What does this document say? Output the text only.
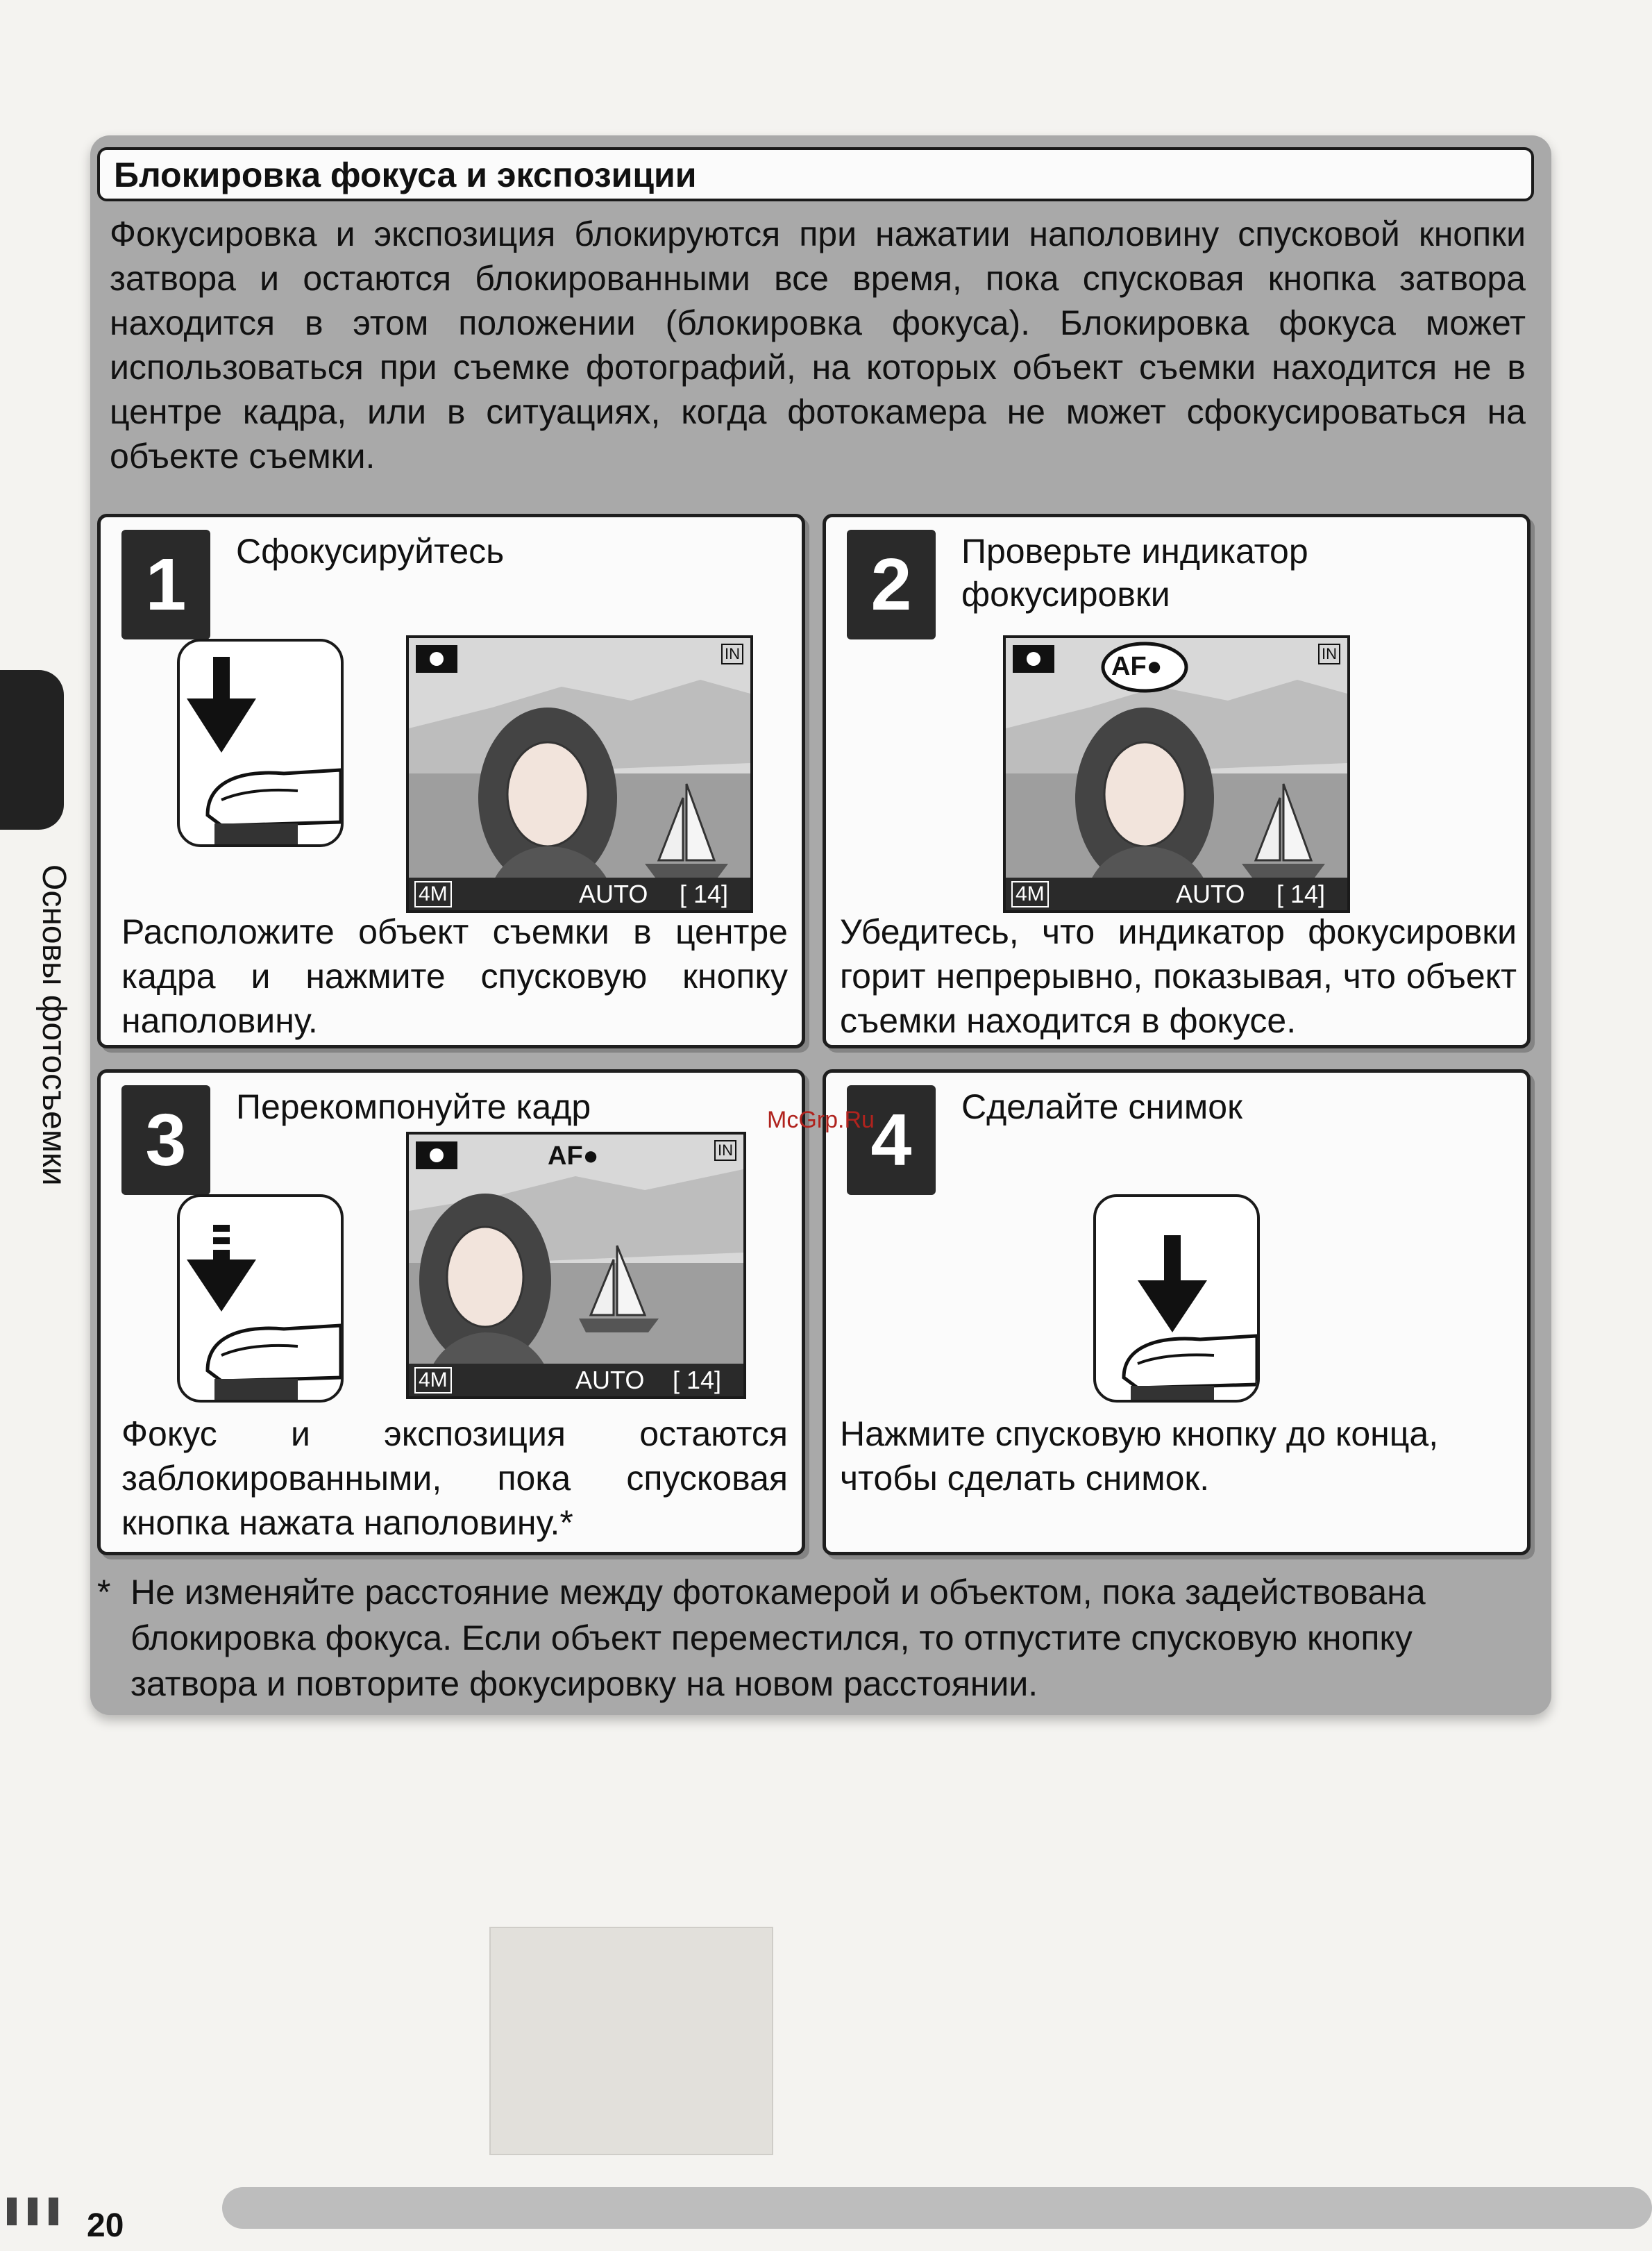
Блокировка фокуса и экспозиции
Фокусировка и экспозиция блокируются при нажатии наполовину спусковой кнопки затвора и остаются блокированными все время, пока спусковая кнопка затвора находится в этом положении (блокировка фокуса). Блокировка фокуса может использоваться при съемке фотографий, на которых объект съемки находится не в центре кадра, или в ситуациях, когда фотокамера не может сфокусироваться на объекте съемки.
1	Сфокусируйтесь
IN
4M	AUTO [ 14]
Расположите объект съемки в центре кадра и нажмите спусковую кнопку наполовину.
2	Проверьте индикатор фокусировки
AF●	IN
4M	AUTO [ 14]
Убедитесь, что индикатор фокусировки горит непрерывно, показывая, что объект съемки находится в фокусе.
3	Перекомпонуйте кадр
AF●	IN
4M	AUTO [ 14]
Фокус и экспозиция остаются заблокированными, пока спусковая кнопка нажата наполовину.*
4	Сделайте снимок
Нажмите спусковую кнопку до конца, чтобы сделать снимок.
* Не изменяйте расстояние между фотокамерой и объектом, пока задействована блокировка фокуса. Если объект переместился, то отпустите спусковую кнопку затвора и повторите фокусировку на новом расстоянии.
Основы фотосъемки	McGrp.Ru
20
